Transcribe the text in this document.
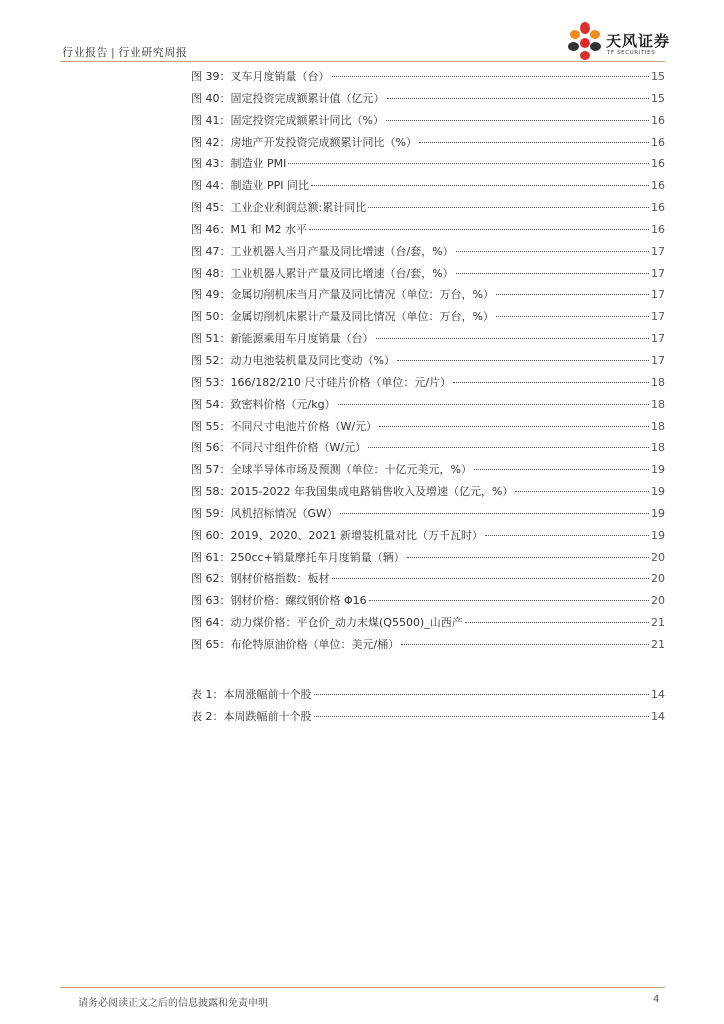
行业报告 | 行业研究周报
天风证券
TF SECURITIES
图 39：叉车月度销量（台）	15
图 40：固定投资完成额累计值（亿元）	15
图 41：固定投资完成额累计同比（%）	16
图 42：房地产开发投资完成额累计同比（%）	16
图 43：制造业 PMI	16
图 44：制造业 PPI 同比	16
图 45：工业企业利润总额:累计同比	16
图 46：M1 和 M2 水平	16
图 47：工业机器人当月产量及同比增速（台/套，%）	17
图 48：工业机器人累计产量及同比增速（台/套，%）	17
图 49：金属切削机床当月产量及同比情况（单位：万台，%）	17
图 50：金属切削机床累计产量及同比情况（单位：万台，%）	17
图 51：新能源乘用车月度销量（台）	17
图 52：动力电池装机量及同比变动（%）	17
图 53：166/182/210 尺寸硅片价格（单位：元/片）	18
图 54：致密料价格（元/kg）	18
图 55：不同尺寸电池片价格（W/元）	18
图 56：不同尺寸组件价格（W/元）	18
图 57：全球半导体市场及预测（单位：十亿元美元，%）	19
图 58：2015-2022 年我国集成电路销售收入及增速（亿元，%）	19
图 59：风机招标情况（GW）	19
图 60：2019、2020、2021 新增装机量对比（万千瓦时）	19
图 61：250cc+销量摩托车月度销量（辆）	20
图 62：钢材价格指数：板材	20
图 63：钢材价格：螺纹钢价格 Φ16	20
图 64：动力煤价格：平仓价_动力末煤(Q5500)_山西产	21
图 65：布伦特原油价格（单位：美元/桶）	21
表 1：本周涨幅前十个股	14
表 2：本周跌幅前十个股	14
请务必阅读正文之后的信息披露和免责申明	4
